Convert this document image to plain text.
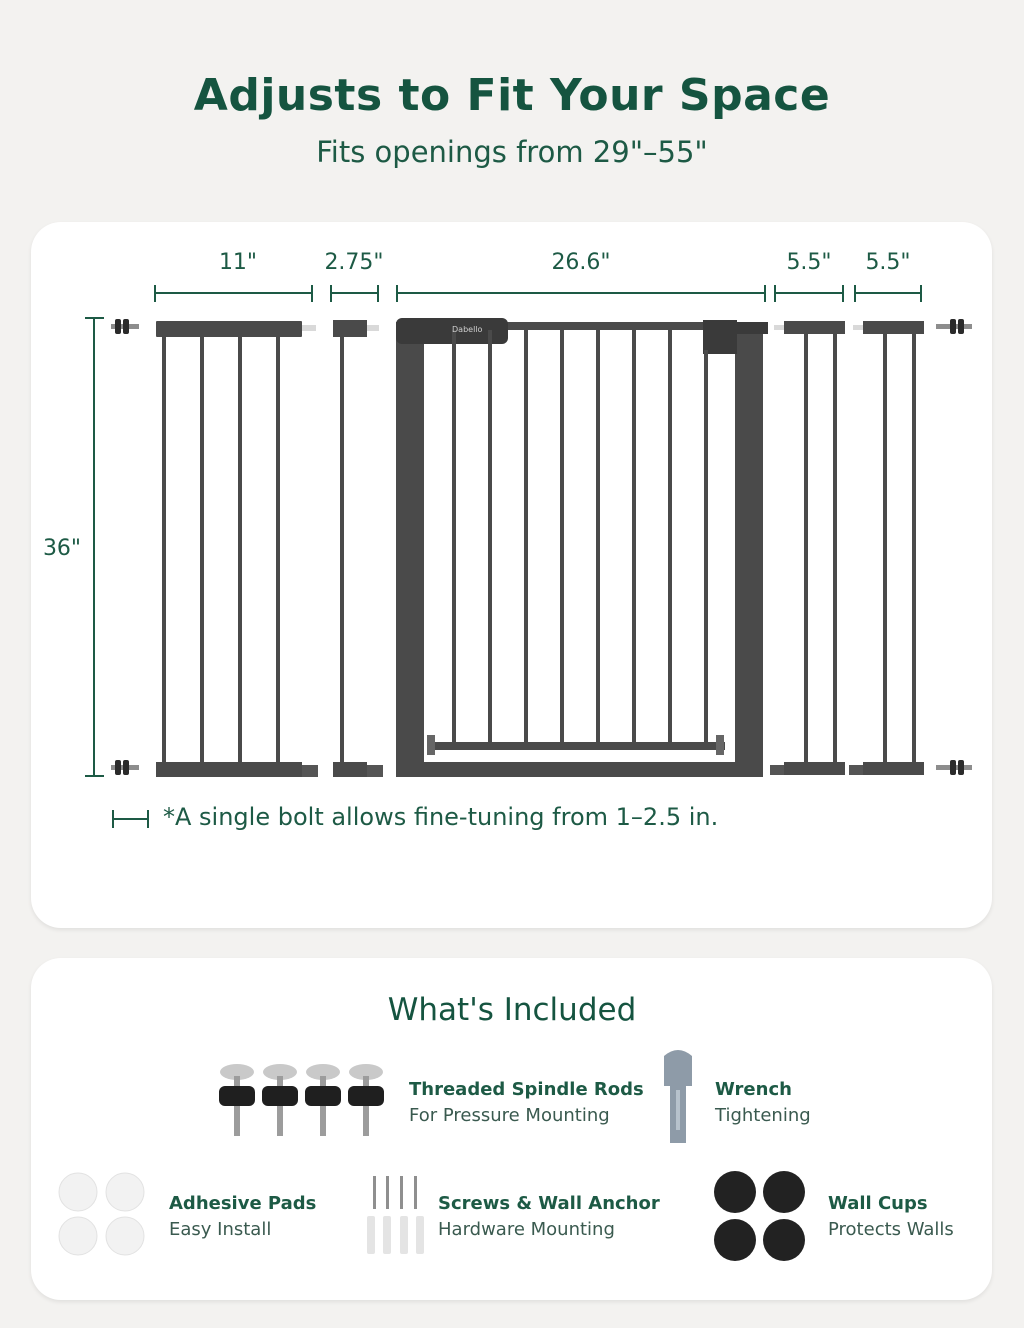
Adjusts to Fit Your Space
Fits openings from 29"–55"
11"	2.75"	26.6"	5.5"	5.5"
36"
Dabello
*A single bolt allows fine-tuning from 1–2.5 in.
What's Included
Threaded Spindle Rods
For Pressure Mounting
Wrench
Tightening
Adhesive Pads
Easy Install
Screws & Wall Anchor
Hardware Mounting
Wall Cups
Protects Walls
